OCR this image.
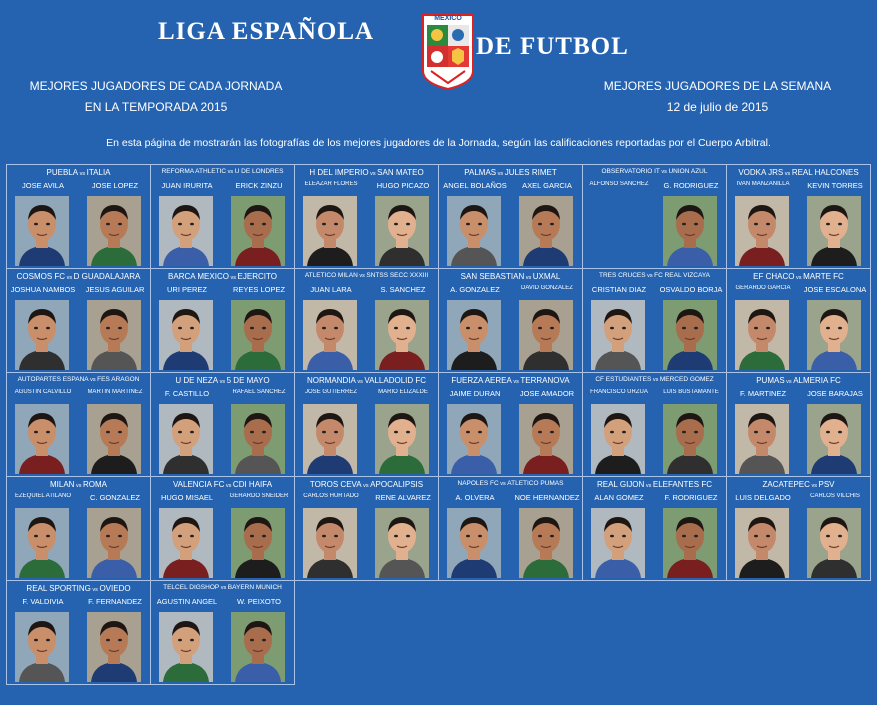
LIGA ESPAÑOLA	MEXICO
DE FUTBOL
MEJORES JUGADORES DE CADA JORNADA
EN LA TEMPORADA 2015
MEJORES JUGADORES DE LA SEMANA
12 de julio de 2015
En esta página de mostrarán las fotografías de los mejores jugadores de la Jornada, según las calificaciones reportadas por el Cuerpo Arbitral.
PUEBLA vs ITALIA
JOSE AVILA	JOSE LOPEZ
REFORMA ATHLETIC vs U DE LONDRES
JUAN IRURITA	ERICK ZINZU
H DEL IMPERIO vs SAN MATEO
ELEAZAR FLORES	HUGO PICAZO
PALMAS vs JULES RIMET
ANGEL BOLAÑOS	AXEL GARCIA
OBSERVATORIO IT vs UNION AZUL
ALFONSO SANCHEZ	G. RODRIGUEZ
VODKA JRS vs REAL HALCONES
IVAN MANZANILLA	KEVIN TORRES
COSMOS FC vs D GUADALAJARA
JOSHUA NAMBOS	JESUS AGUILAR
BARCA MEXICO vs EJERCITO
URI PEREZ	REYES LOPEZ
ATLETICO MILAN vs SNTSS SECC XXXIII
JUAN LARA	S. SANCHEZ
SAN SEBASTIAN vs UXMAL
A. GONZALEZ	DAVID GONZALEZ
TRES CRUCES vs FC REAL VIZCAYA
CRISTIAN DIAZ	OSVALDO BORJA
EF CHACO vs MARTE FC
GERARDO GARCIA	JOSE ESCALONA
AUTOPARTES ESPAÑA vs FES ARAGON
AGUSTIN CALVILLO	MARTIN MARTINEZ
U DE NEZA vs 5 DE MAYO
F. CASTILLO	RAFAEL SANCHEZ
NORMANDIA vs VALLADOLID FC
JOSE GUTIERREZ	MARIO ELIZALDE
FUERZA AEREA vs TERRANOVA
JAIME DURAN	JOSE AMADOR
CF ESTUDIANTES vs MERCED GOMEZ
FRANCISCO URZUA	LUIS BUSTAMANTE
PUMAS vs ALMERIA FC
F. MARTINEZ	JOSE BARAJAS
MILAN vs ROMA
EZEQUIEL ATILANO	C. GONZALEZ
VALENCIA FC vs CDI HAIFA
HUGO MISAEL	GERARDO SNEIDER
TOROS CEVA vs APOCALIPSIS
CARLOS HURTADO	RENE ALVAREZ
NAPOLES FC vs ATLETICO PUMAS
A. OLVERA	NOE HERNANDEZ
REAL GIJON vs ELEFANTES FC
ALAN GOMEZ	F. RODRIGUEZ
ZACATEPEC vs PSV
LUIS DELGADO	CARLOS VILCHIS
REAL SPORTING vs OVIEDO
F. VALDIVIA	F. FERNANDEZ
TELCEL DIGSHOP vs BAYERN MUNICH
AGUSTIN ANGEL	W. PEIXOTO
